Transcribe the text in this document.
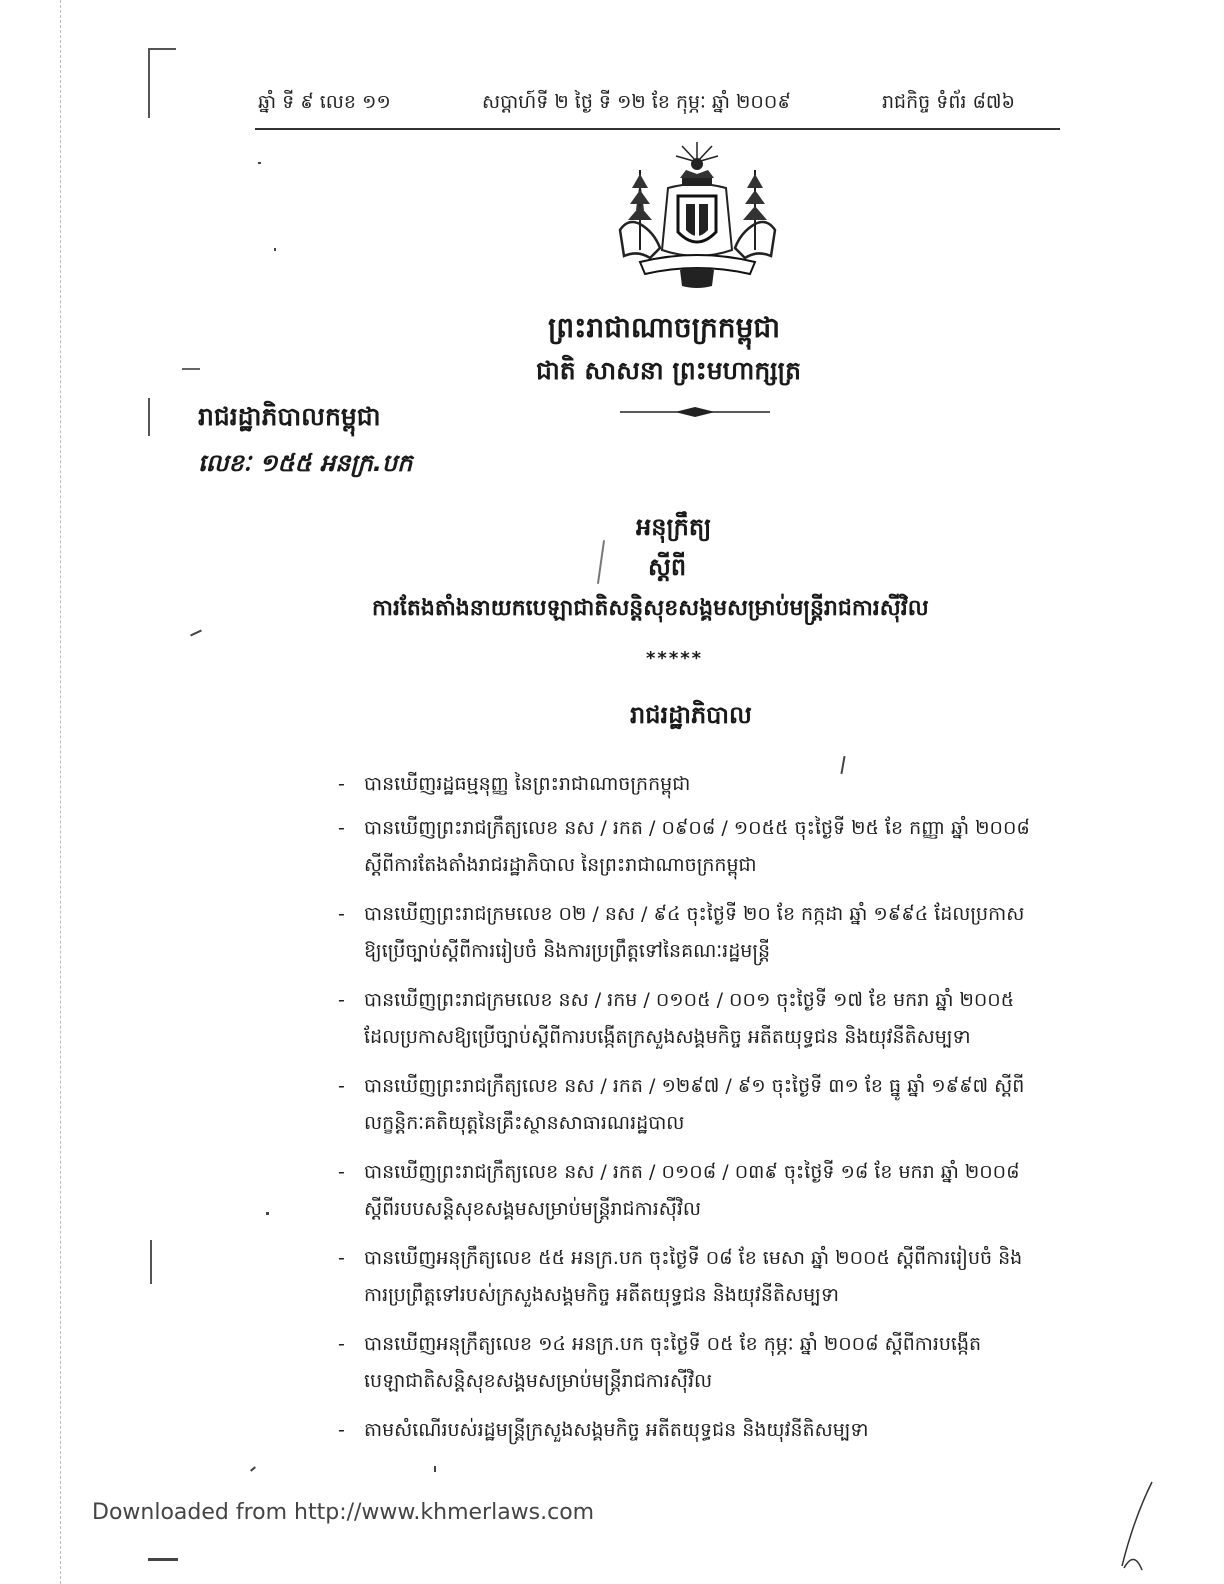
ឆ្នាំ ទី ៩ លេខ ១១	សប្តាហ៍ទី ២ ថ្ងៃ ទី ១២ ខែ កុម្ភៈ ឆ្នាំ ២០០៩	រាជកិច្ច ទំព័រ ៨៧៦
ព្រះរាជាណាចក្រកម្ពុជា
ជាតិ សាសនា ព្រះមហាក្សត្រ
រាជរដ្ឋាភិបាលកម្ពុជា
លេខៈ ១៥៥ អនក្រ.បក
អនុក្រឹត្យ
ស្តីពី
ការតែងតាំងនាយកបេឡាជាតិសន្តិសុខសង្គមសម្រាប់មន្ត្រីរាជការស៊ីវិល
*****
រាជរដ្ឋាភិបាល
- បានឃើញរដ្ឋធម្មនុញ្ញ នៃព្រះរាជាណាចក្រកម្ពុជា
- បានឃើញព្រះរាជក្រឹត្យលេខ នស / រកត / ០៩០៨ / ១០៥៥ ចុះថ្ងៃទី ២៥ ខែ កញ្ញា ឆ្នាំ ២០០៨
ស្តីពីការតែងតាំងរាជរដ្ឋាភិបាល នៃព្រះរាជាណាចក្រកម្ពុជា
- បានឃើញព្រះរាជក្រមលេខ ០២ / នស / ៩៤ ចុះថ្ងៃទី ២០ ខែ កក្កដា ឆ្នាំ ១៩៩៤ ដែលប្រកាស
ឱ្យប្រើច្បាប់ស្តីពីការរៀបចំ និងការប្រព្រឹត្តទៅនៃគណៈរដ្ឋមន្ត្រី
- បានឃើញព្រះរាជក្រមលេខ នស / រកម / ០១០៥ / ០០១ ចុះថ្ងៃទី ១៧ ខែ មករា ឆ្នាំ ២០០៥
ដែលប្រកាសឱ្យប្រើច្បាប់ស្តីពីការបង្កើតក្រសួងសង្គមកិច្ច អតីតយុទ្ធជន និងយុវនីតិសម្បទា
- បានឃើញព្រះរាជក្រឹត្យលេខ នស / រកត / ១២៩៧ / ៩១ ចុះថ្ងៃទី ៣១ ខែ ធ្នូ ឆ្នាំ ១៩៩៧ ស្តីពី
លក្ខន្តិកៈគតិយុត្តនៃគ្រឹះស្ថានសាធារណរដ្ឋបាល
- បានឃើញព្រះរាជក្រឹត្យលេខ នស / រកត / ០១០៨ / ០៣៩ ចុះថ្ងៃទី ១៨ ខែ មករា ឆ្នាំ ២០០៨
ស្តីពីរបបសន្តិសុខសង្គមសម្រាប់មន្ត្រីរាជការស៊ីវិល
- បានឃើញអនុក្រឹត្យលេខ ៥៥ អនក្រ.បក ចុះថ្ងៃទី ០៨ ខែ មេសា ឆ្នាំ ២០០៥ ស្តីពីការរៀបចំ និង
ការប្រព្រឹត្តទៅរបស់ក្រសួងសង្គមកិច្ច អតីតយុទ្ធជន និងយុវនីតិសម្បទា
- បានឃើញអនុក្រឹត្យលេខ ១៤ អនក្រ.បក ចុះថ្ងៃទី ០៥ ខែ កុម្ភៈ ឆ្នាំ ២០០៨ ស្តីពីការបង្កើត
បេឡាជាតិសន្តិសុខសង្គមសម្រាប់មន្ត្រីរាជការស៊ីវិល
- តាមសំណើរបស់រដ្ឋមន្ត្រីក្រសួងសង្គមកិច្ច អតីតយុទ្ធជន និងយុវនីតិសម្បទា
Downloaded from http://www.khmerlaws.com
